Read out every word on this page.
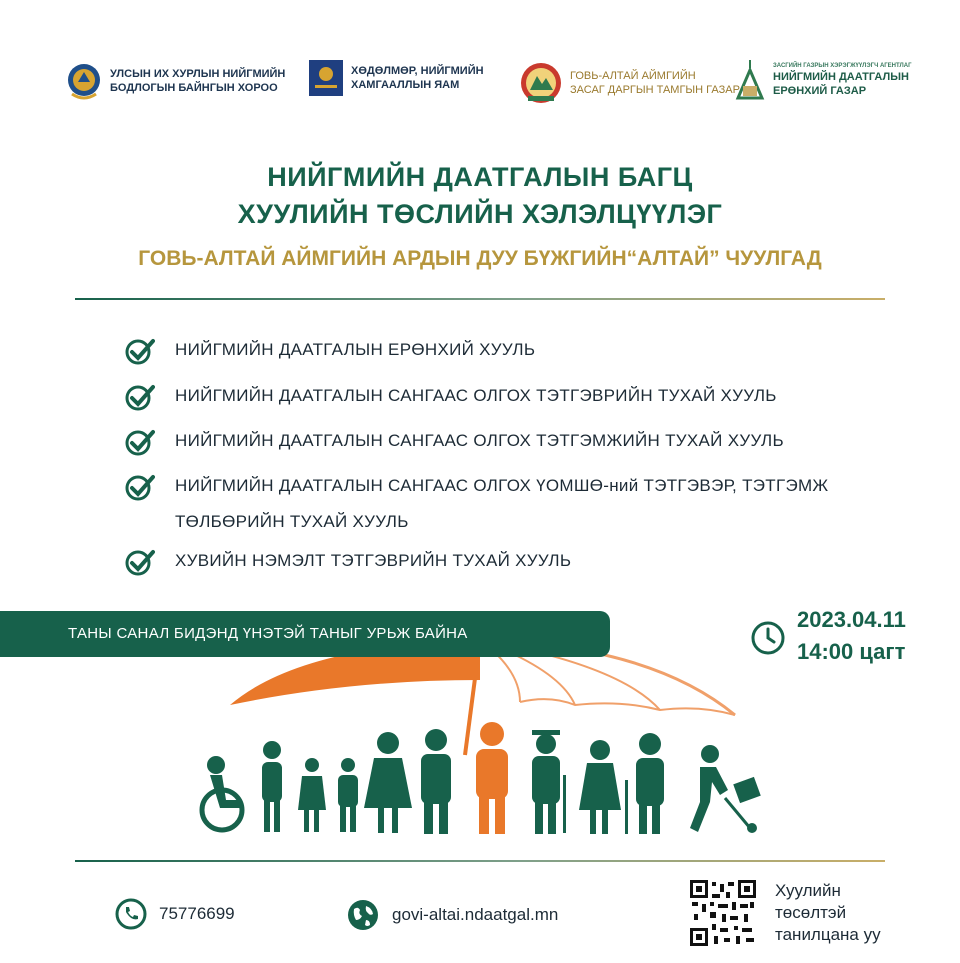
УЛСЫН ИХ ХУРЛЫН НИЙГМИЙН
БОДЛОГЫН БАЙНГЫН ХОРОО
ХӨДӨЛМӨР, НИЙГМИЙН
ХАМГААЛЛЫН ЯАМ
ГОВЬ-АЛТАЙ АЙМГИЙН
ЗАСАГ ДАРГЫН ТАМГЫН ГАЗАР
ЗАСГИЙН ГАЗРЫН ХЭРЭГЖҮҮЛЭГЧ АГЕНТЛАГ
НИЙГМИЙН ДААТГАЛЫН
ЕРӨНХИЙ ГАЗАР
НИЙГМИЙН ДААТГАЛЫН БАГЦ
ХУУЛИЙН ТӨСЛИЙН ХЭЛЭЛЦҮҮЛЭГ
ГОВЬ-АЛТАЙ АЙМГИЙН АРДЫН ДУУ БҮЖГИЙН“АЛТАЙ” ЧУУЛГАД
НИЙГМИЙН ДААТГАЛЫН ЕРӨНХИЙ ХУУЛЬ
НИЙГМИЙН ДААТГАЛЫН САНГААС ОЛГОХ ТЭТГЭВРИЙН ТУХАЙ ХУУЛЬ
НИЙГМИЙН ДААТГАЛЫН САНГААС ОЛГОХ ТЭТГЭМЖИЙН ТУХАЙ ХУУЛЬ
НИЙГМИЙН ДААТГАЛЫН САНГААС ОЛГОХ ҮОМШӨ-ний ТЭТГЭВЭР, ТЭТГЭМЖ ТӨЛБӨРИЙН ТУХАЙ ХУУЛЬ
ХУВИЙН НЭМЭЛТ ТЭТГЭВРИЙН ТУХАЙ ХУУЛЬ
ТАНЫ САНАЛ БИДЭНД ҮНЭТЭЙ ТАНЫГ УРЬЖ БАЙНА
2023.04.11
14:00 цагт
75776699	govi-altai.ndaatgal.mn
Хуулийн
төсөлтэй
танилцана уу
